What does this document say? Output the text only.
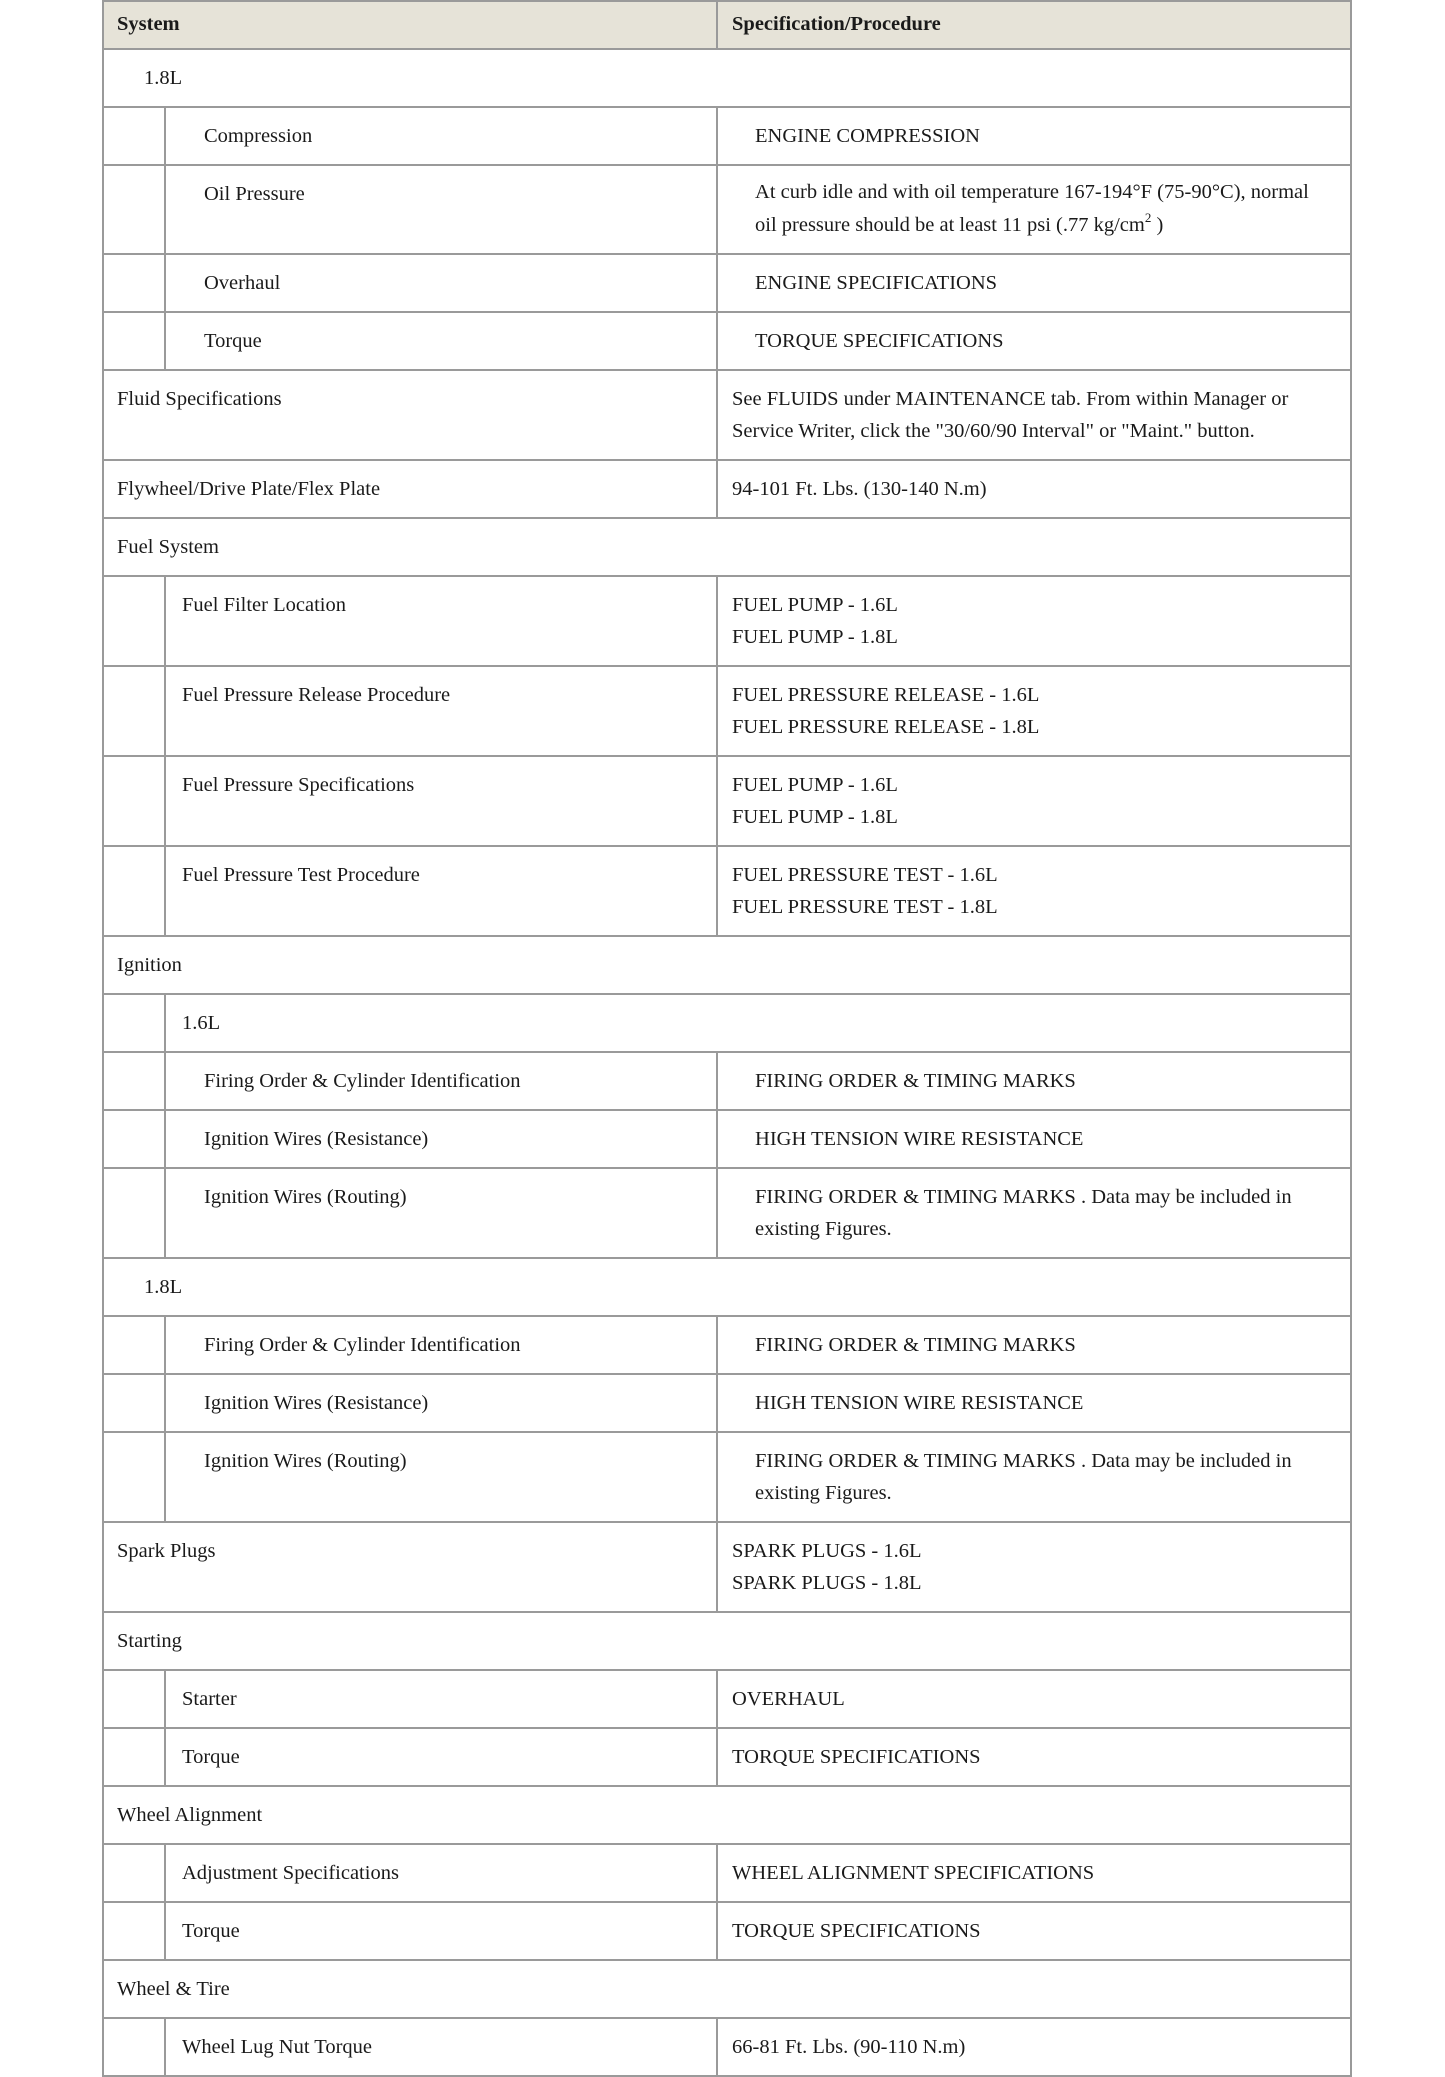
System		Specification/Procedure

1.8L		

	Compression	ENGINE COMPRESSION

	Oil Pressure	At curb idle and with oil temperature 167-194°F (75-90°C), normal
oil pressure should be at least 11 psi (.77 $kg/cm^2$ )

	Overhaul	ENGINE SPECIFICATIONS

	Torque	TORQUE SPECIFICATIONS

Fluid Specifications		See FLUIDS under MAINTENANCE tab. From within Manager or
Service Writer, click the "30/60/90 Interval" or "Maint." button.

Flywheel/Drive Plate/Flex Plate		94-101 Ft. Lbs. (130-140 N.m)

Fuel System		

	Fuel Filter Location	FUEL PUMP - 1.6L
FUEL PUMP - 1.8L

	Fuel Pressure Release Procedure	FUEL PRESSURE RELEASE - 1.6L
FUEL PRESSURE RELEASE - 1.8L

	Fuel Pressure Specifications	FUEL PUMP - 1.6L
FUEL PUMP - 1.8L

	Fuel Pressure Test Procedure	FUEL PRESSURE TEST - 1.6L
FUEL PRESSURE TEST - 1.8L

Ignition		

	1.6L	

	Firing Order & Cylinder Identification	FIRING ORDER & TIMING MARKS

	Ignition Wires (Resistance)	HIGH TENSION WIRE RESISTANCE

	Ignition Wires (Routing)	FIRING ORDER & TIMING MARKS . Data may be included in
existing Figures.

1.8L		

	Firing Order & Cylinder Identification	FIRING ORDER & TIMING MARKS

	Ignition Wires (Resistance)	HIGH TENSION WIRE RESISTANCE

	Ignition Wires (Routing)	FIRING ORDER & TIMING MARKS . Data may be included in
existing Figures.

Spark Plugs		SPARK PLUGS - 1.6L
SPARK PLUGS - 1.8L

Starting		

	Starter	OVERHAUL

	Torque	TORQUE SPECIFICATIONS

Wheel Alignment		

	Adjustment Specifications	WHEEL ALIGNMENT SPECIFICATIONS

	Torque	TORQUE SPECIFICATIONS

Wheel & Tire		

	Wheel Lug Nut Torque	66-81 Ft. Lbs. (90-110 N.m)
